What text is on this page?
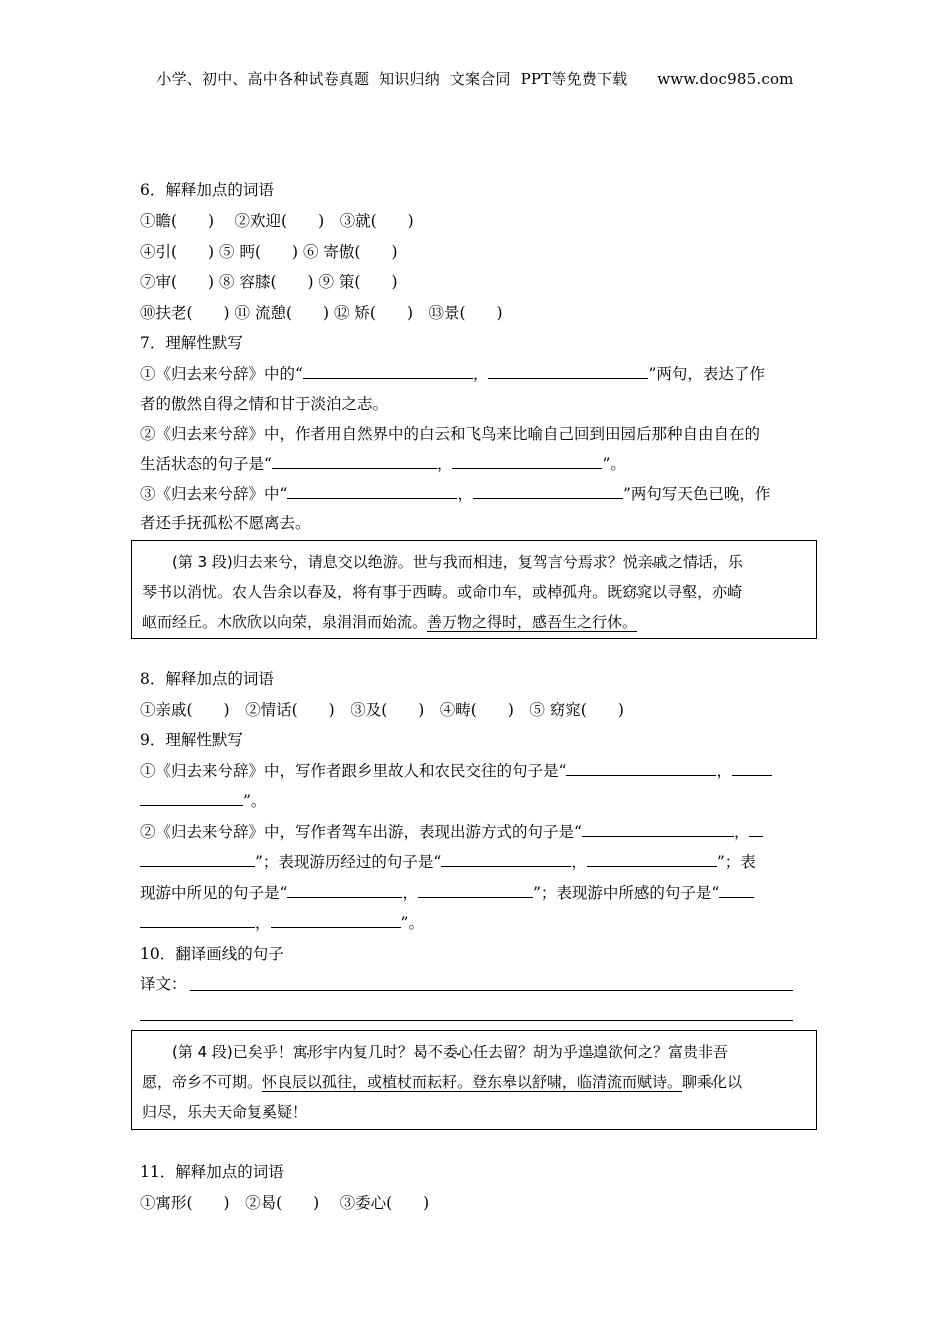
小学、初中、高中各种试卷真题  知识归纳  文案合同  PPT等免费下载      www.doc985.com
6．解释加点的词语
①瞻(　　)　 ②欢迎(　　)　③就(　　)
④引(　　) ⑤ 眄(　　) ⑥ 寄傲(　　)
⑦审(　　) ⑧ 容膝(　　) ⑨ 策(　　)
⑩扶老(　　) ⑪ 流憩(　　) ⑫ 矫(　　)　⑬景(　　)
7．理解性默写
①《归去来兮辞》中的“	，	”两句，表达了作
者的傲然自得之情和甘于淡泊之志。
②《归去来兮辞》中，作者用自然界中的白云和飞鸟来比喻自己回到田园后那种自由自在的
生活状态的句子是“	，	”。
③《归去来兮辞》中“	，	”两句写天色已晚，作
者还手抚孤松不愿离去。
　　(第 3 段)归去来兮，请息交以绝游。世与我而相违，复驾言兮焉求？悦亲戚 ·之情话 ·，乐
琴书以消忧。农人告余以春及 ·，将有事于西畴 ·。或命巾车，或棹孤舟。既窈窕 ·以寻壑，亦崎
岖而经丘。木欣欣以向荣，泉涓涓而始流。善万物之得时，感吾生之行休。
8．解释加点的词语
①亲戚(　　)　②情话(　　)　③及(　　)　④畴(　　)　⑤ 窈窕(　　)
9．理解性默写
①《归去来兮辞》中，写作者跟乡里故人和农民交往的句子是“	，
”。
②《归去来兮辞》中，写作者驾车出游，表现出游方式的句子是“	，
”；表现游历经过的句子是“	，	”；表
现游中所见的句子是“	，	”；表现游中所感的句子是“
，	”。
10．翻译画线的句子
译文：
　　(第 4 段)已矣乎！寓形 ·宇内复几时？曷 ·不委心 ·任去留？胡为乎遑遑 ·欲何之 ·？富贵非吾
愿，帝乡不可期。怀良辰以孤往，或植杖而耘耔。登东皋以舒啸，临清流而赋诗。聊乘化 ·以
归尽，乐夫天命复奚 ·疑！
11．解释加点的词语
①寓形(　　)　②曷(　　)　 ③委心(　　)
